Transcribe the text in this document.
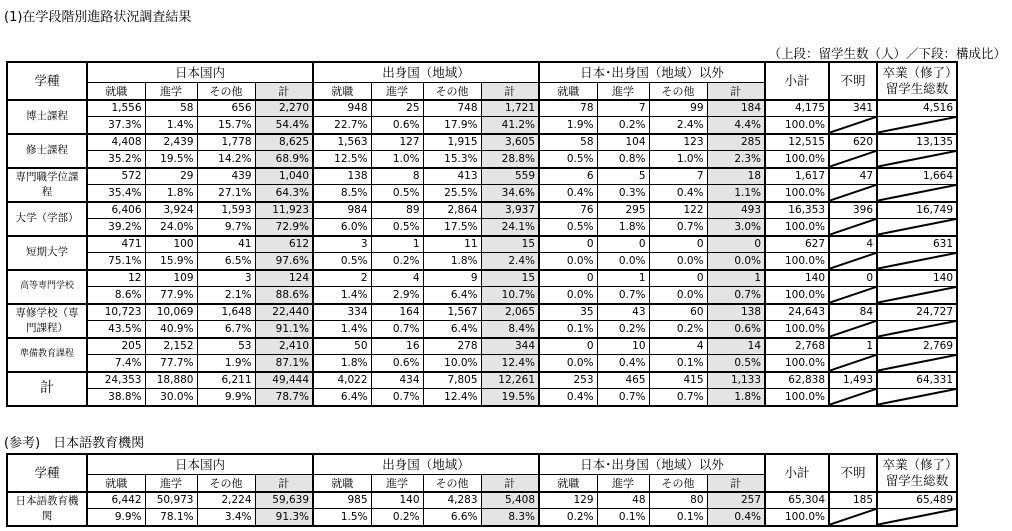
(1)在学段階別進路状況調査結果
（上段：留学生数（人）／下段：構成比）
学種	日本国内				出身国（地域）				日本･出身国（地域）以外				小計	不明	卒業（修了）留学生総数
	就職	進学	その他	計	就職	進学	その他	計	就職	進学	その他	計			
博士課程	1,556	58	656	2,270	948	25	748	1,721	78	7	99	184	4,175	341	4,516
	37.3%	1.4%	15.7%	54.4%	22.7%	0.6%	17.9%	41.2%	1.9%	0.2%	2.4%	4.4%	100.0%	

修士課程	4,408	2,439	1,778	8,625	1,563	127	1,915	3,605	58	104	123	285	12,515	620	13,135
	35.2%	19.5%	14.2%	68.9%	12.5%	1.0%	15.3%	28.8%	0.5%	0.8%	1.0%	2.3%	100.0%	

専門職学位課程	572	29	439	1,040	138	8	413	559	6	5	7	18	1,617	47	1,664
	35.4%	1.8%	27.1%	64.3%	8.5%	0.5%	25.5%	34.6%	0.4%	0.3%	0.4%	1.1%	100.0%	

大学（学部）	6,406	3,924	1,593	11,923	984	89	2,864	3,937	76	295	122	493	16,353	396	16,749
	39.2%	24.0%	9.7%	72.9%	6.0%	0.5%	17.5%	24.1%	0.5%	1.8%	0.7%	3.0%	100.0%	

短期大学	471	100	41	612	3	1	11	15	0	0	0	0	627	4	631
	75.1%	15.9%	6.5%	97.6%	0.5%	0.2%	1.8%	2.4%	0.0%	0.0%	0.0%	0.0%	100.0%	

高等専門学校	12	109	3	124	2	4	9	15	0	1	0	1	140	0	140
	8.6%	77.9%	2.1%	88.6%	1.4%	2.9%	6.4%	10.7%	0.0%	0.7%	0.0%	0.7%	100.0%	

専修学校（専門課程）	10,723	10,069	1,648	22,440	334	164	1,567	2,065	35	43	60	138	24,643	84	24,727
	43.5%	40.9%	6.7%	91.1%	1.4%	0.7%	6.4%	8.4%	0.1%	0.2%	0.2%	0.6%	100.0%	

準備教育課程	205	2,152	53	2,410	50	16	278	344	0	10	4	14	2,768	1	2,769
	7.4%	77.7%	1.9%	87.1%	1.8%	0.6%	10.0%	12.4%	0.0%	0.4%	0.1%	0.5%	100.0%	

計	24,353	18,880	6,211	49,444	4,022	434	7,805	12,261	253	465	415	1,133	62,838	1,493	64,331
	38.8%	30.0%	9.9%	78.7%	6.4%	0.7%	12.4%	19.5%	0.4%	0.7%	0.7%	1.8%	100.0%	

(参考)　日本語教育機関
学種	日本国内				出身国（地域）				日本･出身国（地域）以外				小計	不明	卒業（修了）留学生総数
	就職	進学	その他	計	就職	進学	その他	計	就職	進学	その他	計			
日本語教育機関	6,442	50,973	2,224	59,639	985	140	4,283	5,408	129	48	80	257	65,304	185	65,489
	9.9%	78.1%	3.4%	91.3%	1.5%	0.2%	6.6%	8.3%	0.2%	0.1%	0.1%	0.4%	100.0%	
